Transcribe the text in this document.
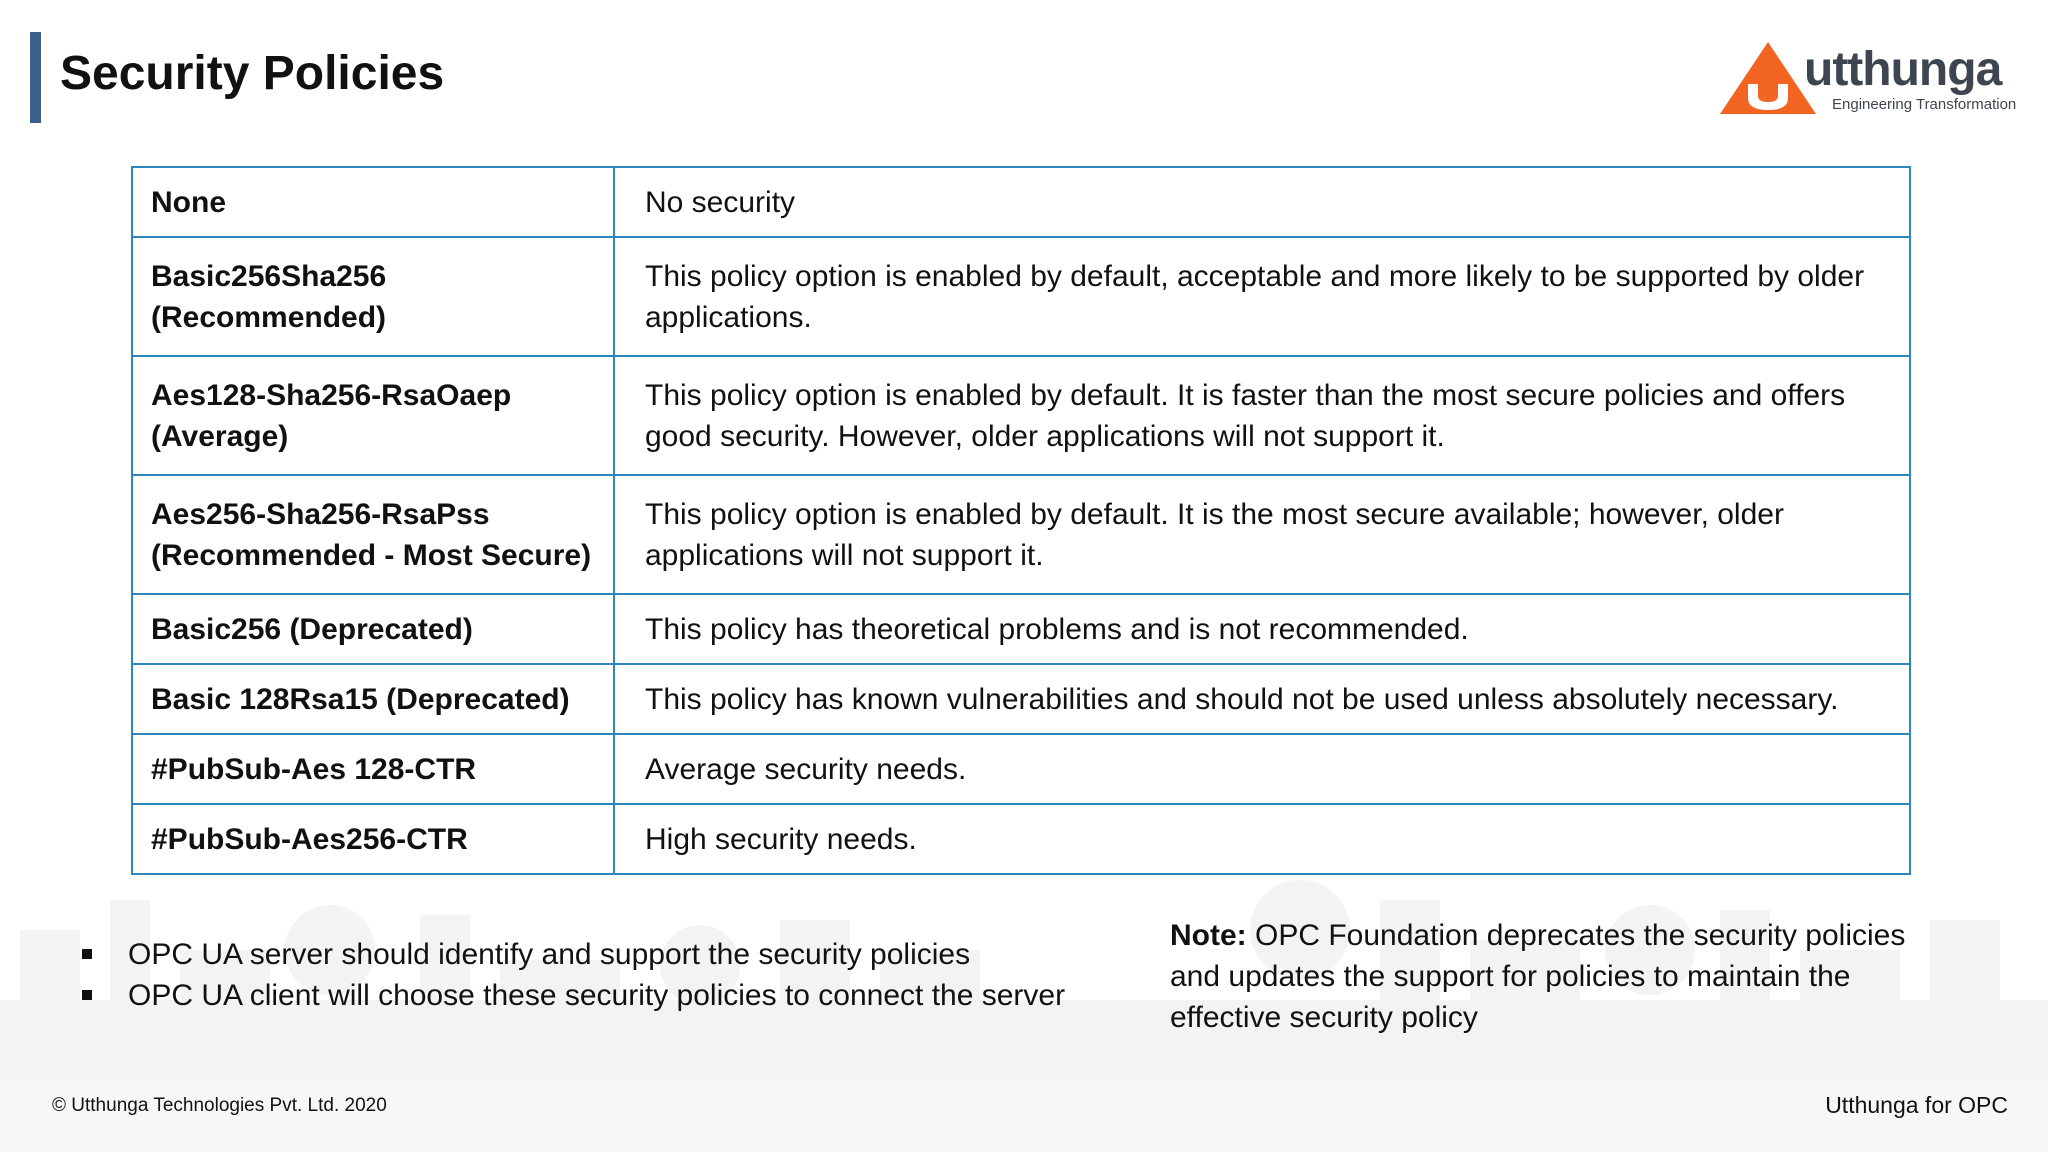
Security Policies	utthunga
Engineering Transformation
None	No security
Basic256Sha256 (Recommended)	This policy option is enabled by default, acceptable and more likely to be supported by older applications.
Aes128-Sha256-RsaOaep (Average)	This policy option is enabled by default. It is faster than the most secure policies and offers good security. However, older applications will not support it.
Aes256-Sha256-RsaPss (Recommended - Most Secure)	This policy option is enabled by default. It is the most secure available; however, older applications will not support it.
Basic256 (Deprecated)	This policy has theoretical problems and is not recommended.
Basic 128Rsa15 (Deprecated)	This policy has known vulnerabilities and should not be used unless absolutely necessary.
#PubSub-Aes 128-CTR	Average security needs.
#PubSub-Aes256-CTR	High security needs.
OPC UA server should identify and support the security policies
OPC UA client will choose these security policies to connect the server
Note: OPC Foundation deprecates the security policies and updates the support for policies to maintain the effective security policy
© Utthunga Technologies Pvt. Ltd. 2020	Utthunga for OPC
